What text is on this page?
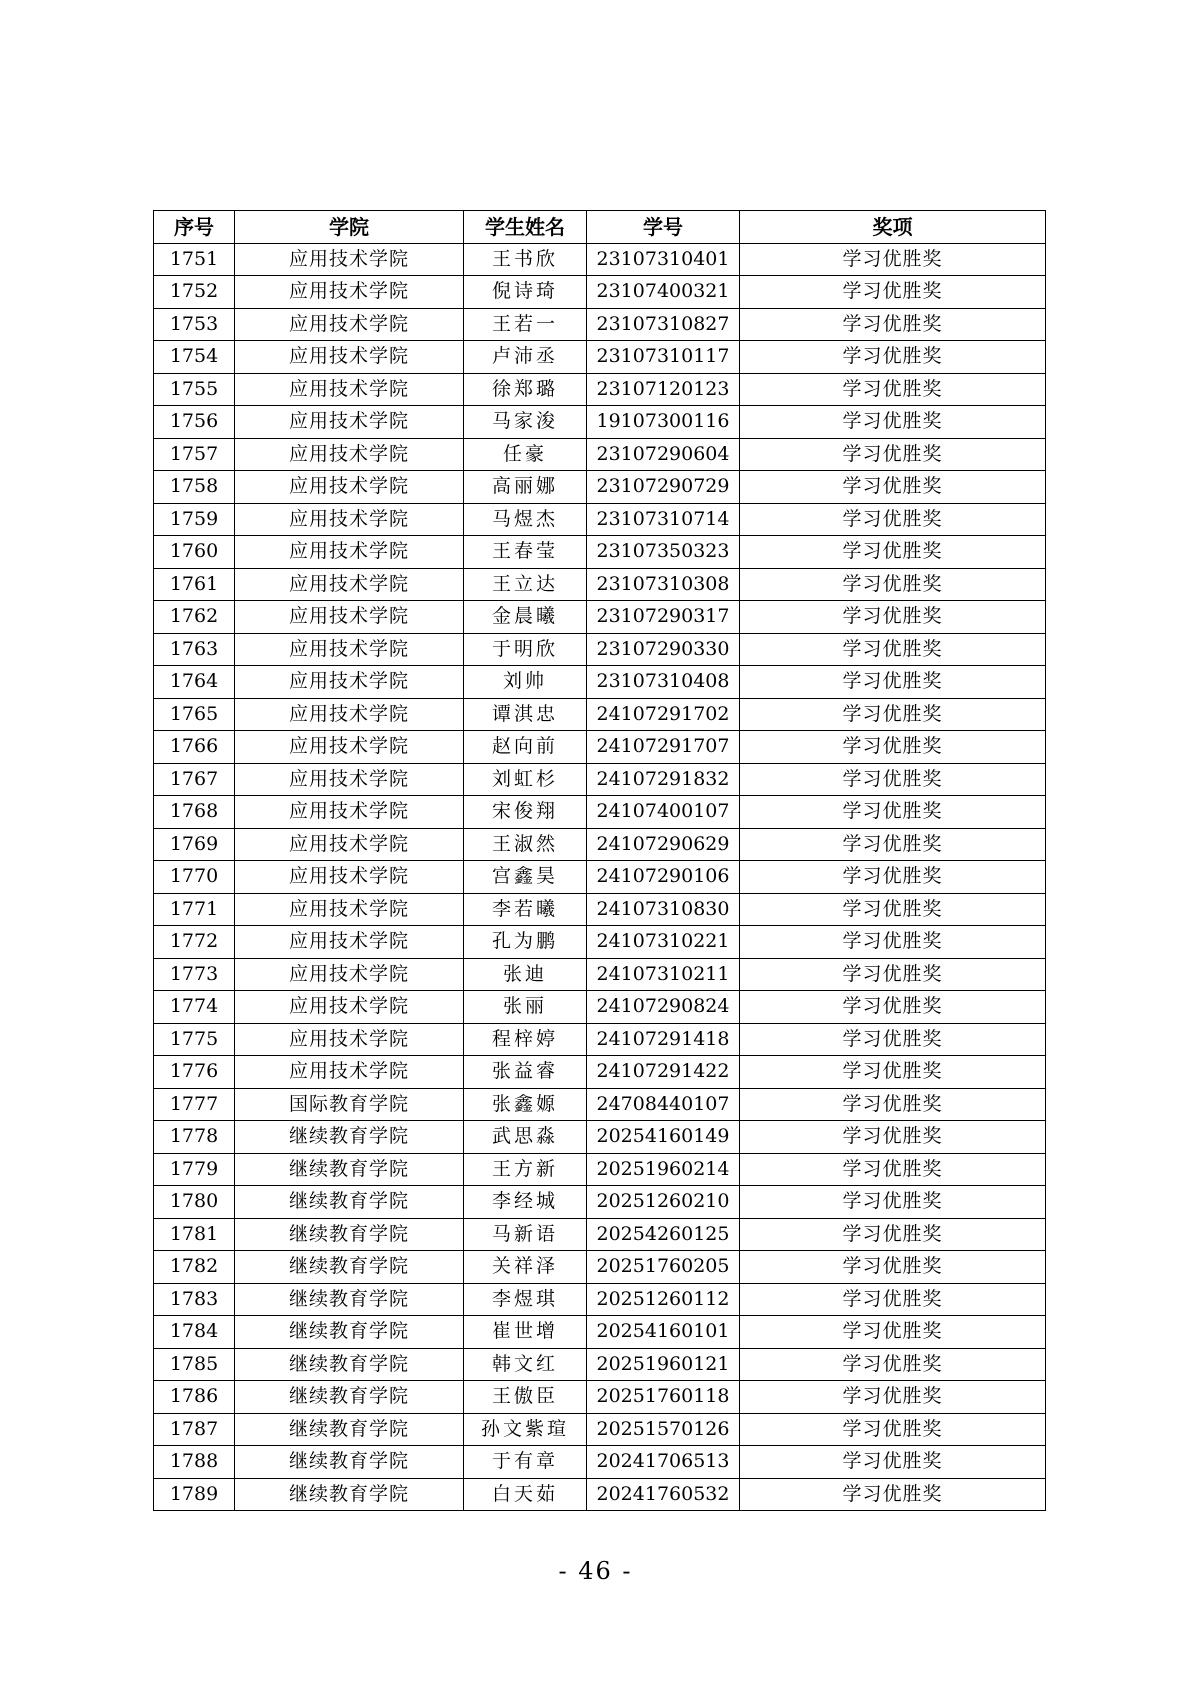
序号	学院	学生姓名	学号	奖项
1751	应用技术学院	王书欣	23107310401	学习优胜奖
1752	应用技术学院	倪诗琦	23107400321	学习优胜奖
1753	应用技术学院	王若一	23107310827	学习优胜奖
1754	应用技术学院	卢沛丞	23107310117	学习优胜奖
1755	应用技术学院	徐郑璐	23107120123	学习优胜奖
1756	应用技术学院	马家浚	19107300116	学习优胜奖
1757	应用技术学院	任豪	23107290604	学习优胜奖
1758	应用技术学院	高丽娜	23107290729	学习优胜奖
1759	应用技术学院	马煜杰	23107310714	学习优胜奖
1760	应用技术学院	王春莹	23107350323	学习优胜奖
1761	应用技术学院	王立达	23107310308	学习优胜奖
1762	应用技术学院	金晨曦	23107290317	学习优胜奖
1763	应用技术学院	于明欣	23107290330	学习优胜奖
1764	应用技术学院	刘帅	23107310408	学习优胜奖
1765	应用技术学院	谭淇忠	24107291702	学习优胜奖
1766	应用技术学院	赵向前	24107291707	学习优胜奖
1767	应用技术学院	刘虹杉	24107291832	学习优胜奖
1768	应用技术学院	宋俊翔	24107400107	学习优胜奖
1769	应用技术学院	王淑然	24107290629	学习优胜奖
1770	应用技术学院	宫鑫昊	24107290106	学习优胜奖
1771	应用技术学院	李若曦	24107310830	学习优胜奖
1772	应用技术学院	孔为鹏	24107310221	学习优胜奖
1773	应用技术学院	张迪	24107310211	学习优胜奖
1774	应用技术学院	张丽	24107290824	学习优胜奖
1775	应用技术学院	程梓婷	24107291418	学习优胜奖
1776	应用技术学院	张益睿	24107291422	学习优胜奖
1777	国际教育学院	张鑫嫄	24708440107	学习优胜奖
1778	继续教育学院	武思淼	20254160149	学习优胜奖
1779	继续教育学院	王方新	20251960214	学习优胜奖
1780	继续教育学院	李经城	20251260210	学习优胜奖
1781	继续教育学院	马新语	20254260125	学习优胜奖
1782	继续教育学院	关祥泽	20251760205	学习优胜奖
1783	继续教育学院	李煜琪	20251260112	学习优胜奖
1784	继续教育学院	崔世增	20254160101	学习优胜奖
1785	继续教育学院	韩文红	20251960121	学习优胜奖
1786	继续教育学院	王傲臣	20251760118	学习优胜奖
1787	继续教育学院	孙文紫瑄	20251570126	学习优胜奖
1788	继续教育学院	于有章	20241706513	学习优胜奖
1789	继续教育学院	白天茹	20241760532	学习优胜奖
- 46 -
